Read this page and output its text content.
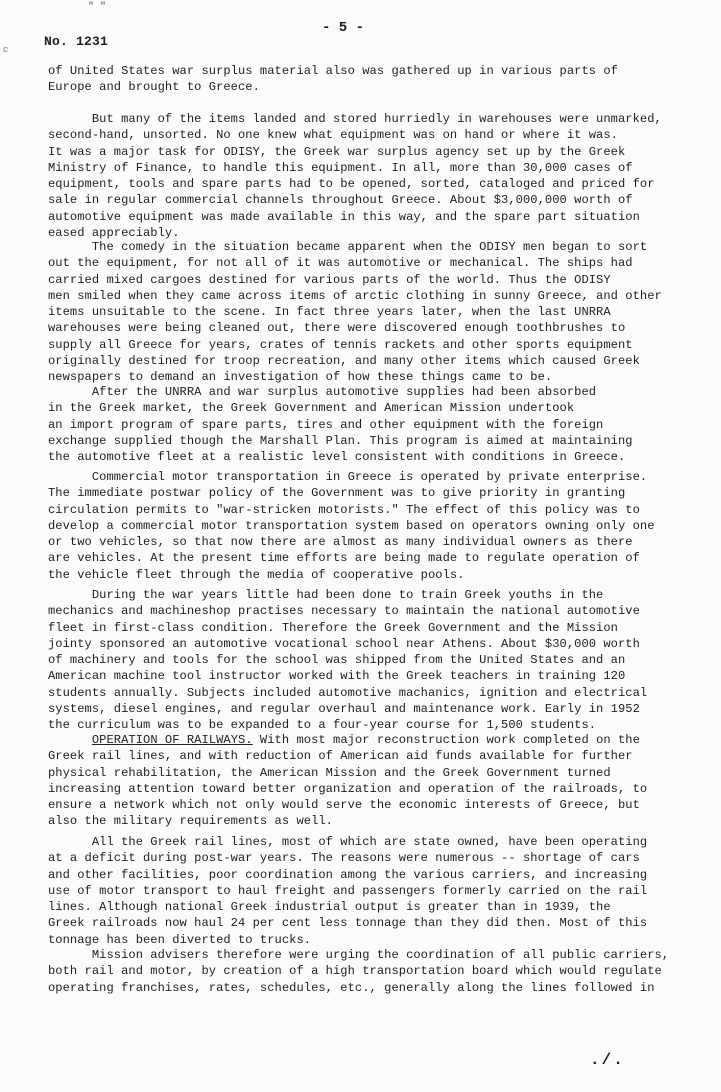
" "
c
- 5 -
No. 1231
of United States war surplus material also was gathered up in various parts of
Europe and brought to Greece.
But many of the items landed and stored hurriedly in warehouses were unmarked,
second-hand, unsorted. No one knew what equipment was on hand or where it was.
It was a major task for ODISY, the Greek war surplus agency set up by the Greek
Ministry of Finance, to handle this equipment. In all, more than 30,000 cases of
equipment, tools and spare parts had to be opened, sorted, cataloged and priced for
sale in regular commercial channels throughout Greece. About $3,000,000 worth of
automotive equipment was made available in this way, and the spare part situation
eased appreciably.
The comedy in the situation became apparent when the ODISY men began to sort
out the equipment, for not all of it was automotive or mechanical. The ships had
carried mixed cargoes destined for various parts of the world. Thus the ODISY
men smiled when they came across items of arctic clothing in sunny Greece, and other
items unsuitable to the scene. In fact three years later, when the last UNRRA
warehouses were being cleaned out, there were discovered enough toothbrushes to
supply all Greece for years, crates of tennis rackets and other sports equipment
originally destined for troop recreation, and many other items which caused Greek
newspapers to demand an investigation of how these things came to be.
After the UNRRA and war surplus automotive supplies had been absorbed
in the Greek market, the Greek Government and American Mission undertook
an import program of spare parts, tires and other equipment with the foreign
exchange supplied though the Marshall Plan. This program is aimed at maintaining
the automotive fleet at a realistic level consistent with conditions in Greece.
Commercial motor transportation in Greece is operated by private enterprise.
The immediate postwar policy of the Government was to give priority in granting
circulation permits to "war-stricken motorists." The effect of this policy was to
develop a commercial motor transportation system based on operators owning only one
or two vehicles, so that now there are almost as many individual owners as there
are vehicles. At the present time efforts are being made to regulate operation of
the vehicle fleet through the media of cooperative pools.
During the war years little had been done to train Greek youths in the
mechanics and machineshop practises necessary to maintain the national automotive
fleet in first-class condition. Therefore the Greek Government and the Mission
jointy sponsored an automotive vocational school near Athens. About $30,000 worth
of machinery and tools for the school was shipped from the United States and an
American machine tool instructor worked with the Greek teachers in training 120
students annually. Subjects included automotive machanics, ignition and electrical
systems, diesel engines, and regular overhaul and maintenance work. Early in 1952
the curriculum was to be expanded to a four-year course for 1,500 students.
OPERATION OF RAILWAYS. With most major reconstruction work completed on the
Greek rail lines, and with reduction of American aid funds available for further
physical rehabilitation, the American Mission and the Greek Government turned
increasing attention toward better organization and operation of the railroads, to
ensure a network which not only would serve the economic interests of Greece, but
also the military requirements as well.
All the Greek rail lines, most of which are state owned, have been operating
at a deficit during post-war years. The reasons were numerous -- shortage of cars
and other facilities, poor coordination among the various carriers, and increasing
use of motor transport to haul freight and passengers formerly carried on the rail
lines. Although national Greek industrial output is greater than in 1939, the
Greek railroads now haul 24 per cent less tonnage than they did then. Most of this
tonnage has been diverted to trucks.
Mission advisers therefore were urging the coordination of all public carriers,
both rail and motor, by creation of a high transportation board which would regulate
operating franchises, rates, schedules, etc., generally along the lines followed in
./.
